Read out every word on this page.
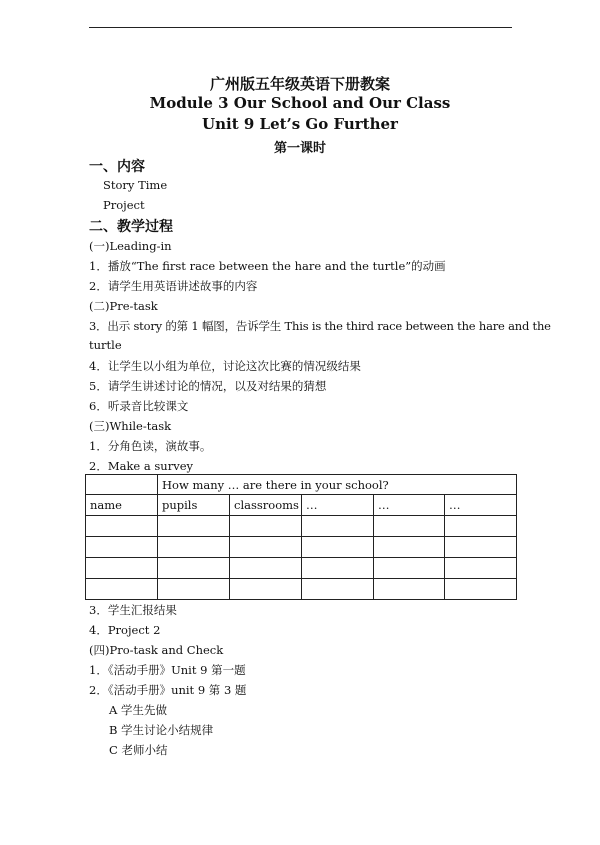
广州版五年级英语下册教案
Module 3 Our School and Our Class
Unit 9 Let’s Go Further
第一课时
一、内容
Story Time
Project
二、教学过程
(一)Leading-in
1．播放“The first race between the hare and the turtle”的动画
2．请学生用英语讲述故事的内容
(二)Pre-task
3．出示 story 的第 1 幅图，告诉学生 This is the third race between the hare and the
turtle
4．让学生以小组为单位，讨论这次比赛的情况级结果
5．请学生讲述讨论的情况，以及对结果的猜想
6．听录音比较课文
(三)While-task
1．分角色读，演故事。
2．Make a survey
	How many … are there in your school?				
name	pupils	classrooms	…	…	…

3．学生汇报结果
4．Project 2
(四)Pro-task and Check
1．《活动手册》Unit 9 第一题
2．《活动手册》unit 9 第 3 题
A 学生先做
B 学生讨论小结规律
C 老师小结
